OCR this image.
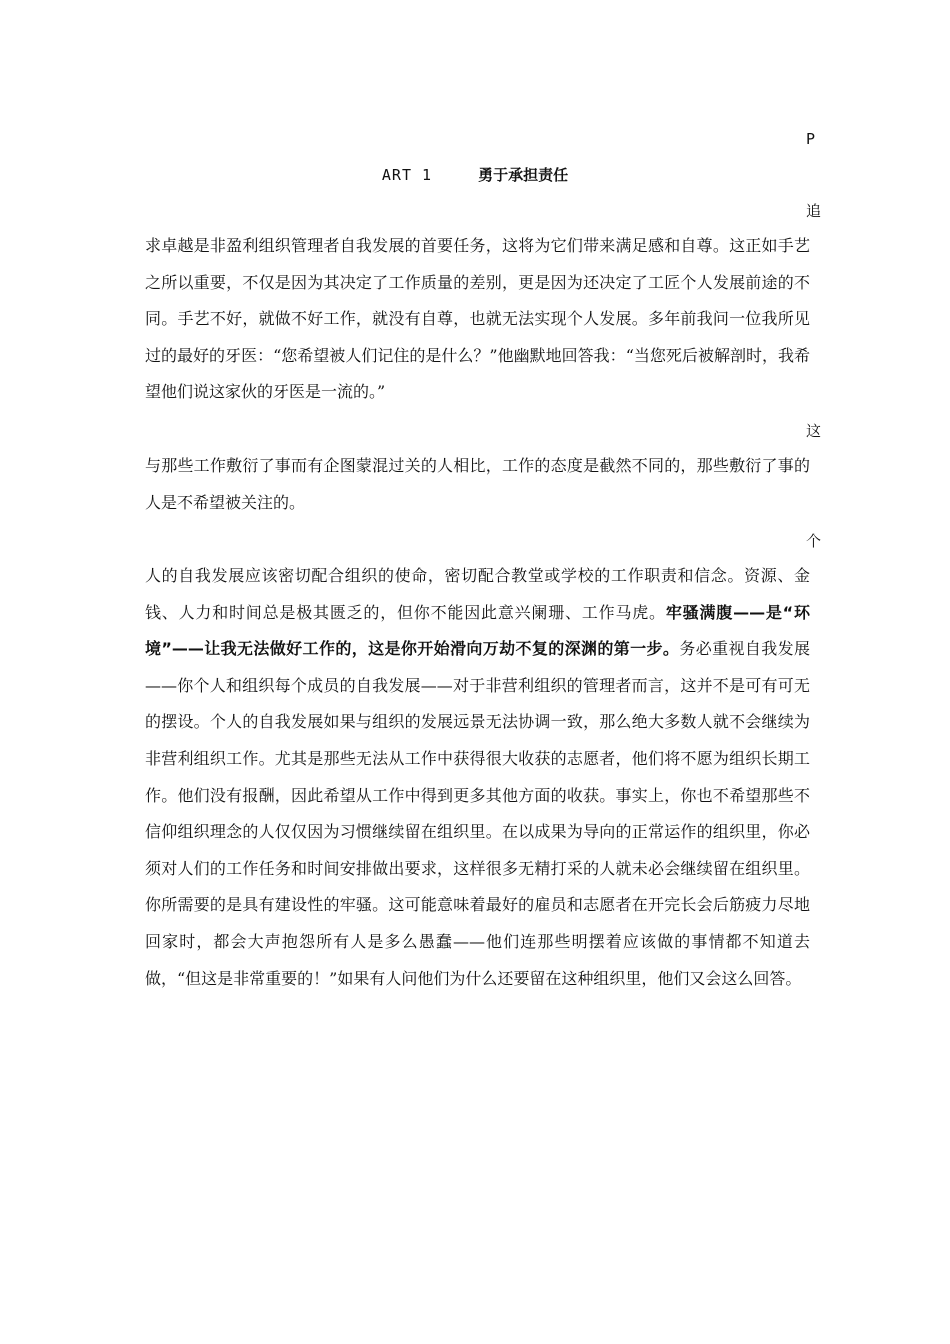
P
ART 1	勇于承担责任
追

求卓越是非盈利组织管理者自我发展的首要任务，这将为它们带来满足感和自尊。这正如手艺之所以重要，不仅是因为其决定了工作质量的差别，更是因为还决定了工匠个人发展前途的不同。手艺不好，就做不好工作，就没有自尊，也就无法实现个人发展。多年前我问一位我所见过的最好的牙医：“您希望被人们记住的是什么？”他幽默地回答我：“当您死后被解剖时，我希望他们说这家伙的牙医是一流的。”

这

与那些工作敷衍了事而有企图蒙混过关的人相比，工作的态度是截然不同的，那些敷衍了事的人是不希望被关注的。

个

人的自我发展应该密切配合组织的使命，密切配合教堂或学校的工作职责和信念。资源、金钱、人力和时间总是极其匮乏的，但你不能因此意兴阑珊、工作马虎。牢骚满腹——是“环境”——让我无法做好工作的，这是你开始滑向万劫不复的深渊的第一步。务必重视自我发展——你个人和组织每个成员的自我发展——对于非营利组织的管理者而言，这并不是可有可无的摆设。个人的自我发展如果与组织的发展远景无法协调一致，那么绝大多数人就不会继续为非营利组织工作。尤其是那些无法从工作中获得很大收获的志愿者，他们将不愿为组织长期工作。他们没有报酬，因此希望从工作中得到更多其他方面的收获。事实上，你也不希望那些不信仰组织理念的人仅仅因为习惯继续留在组织里。在以成果为导向的正常运作的组织里，你必须对人们的工作任务和时间安排做出要求，这样很多无精打采的人就未必会继续留在组织里。你所需要的是具有建设性的牢骚。这可能意味着最好的雇员和志愿者在开完长会后筋疲力尽地回家时，都会大声抱怨所有人是多么愚蠢——他们连那些明摆着应该做的事情都不知道去做，“但这是非常重要的！”如果有人问他们为什么还要留在这种组织里，他们又会这么回答。
